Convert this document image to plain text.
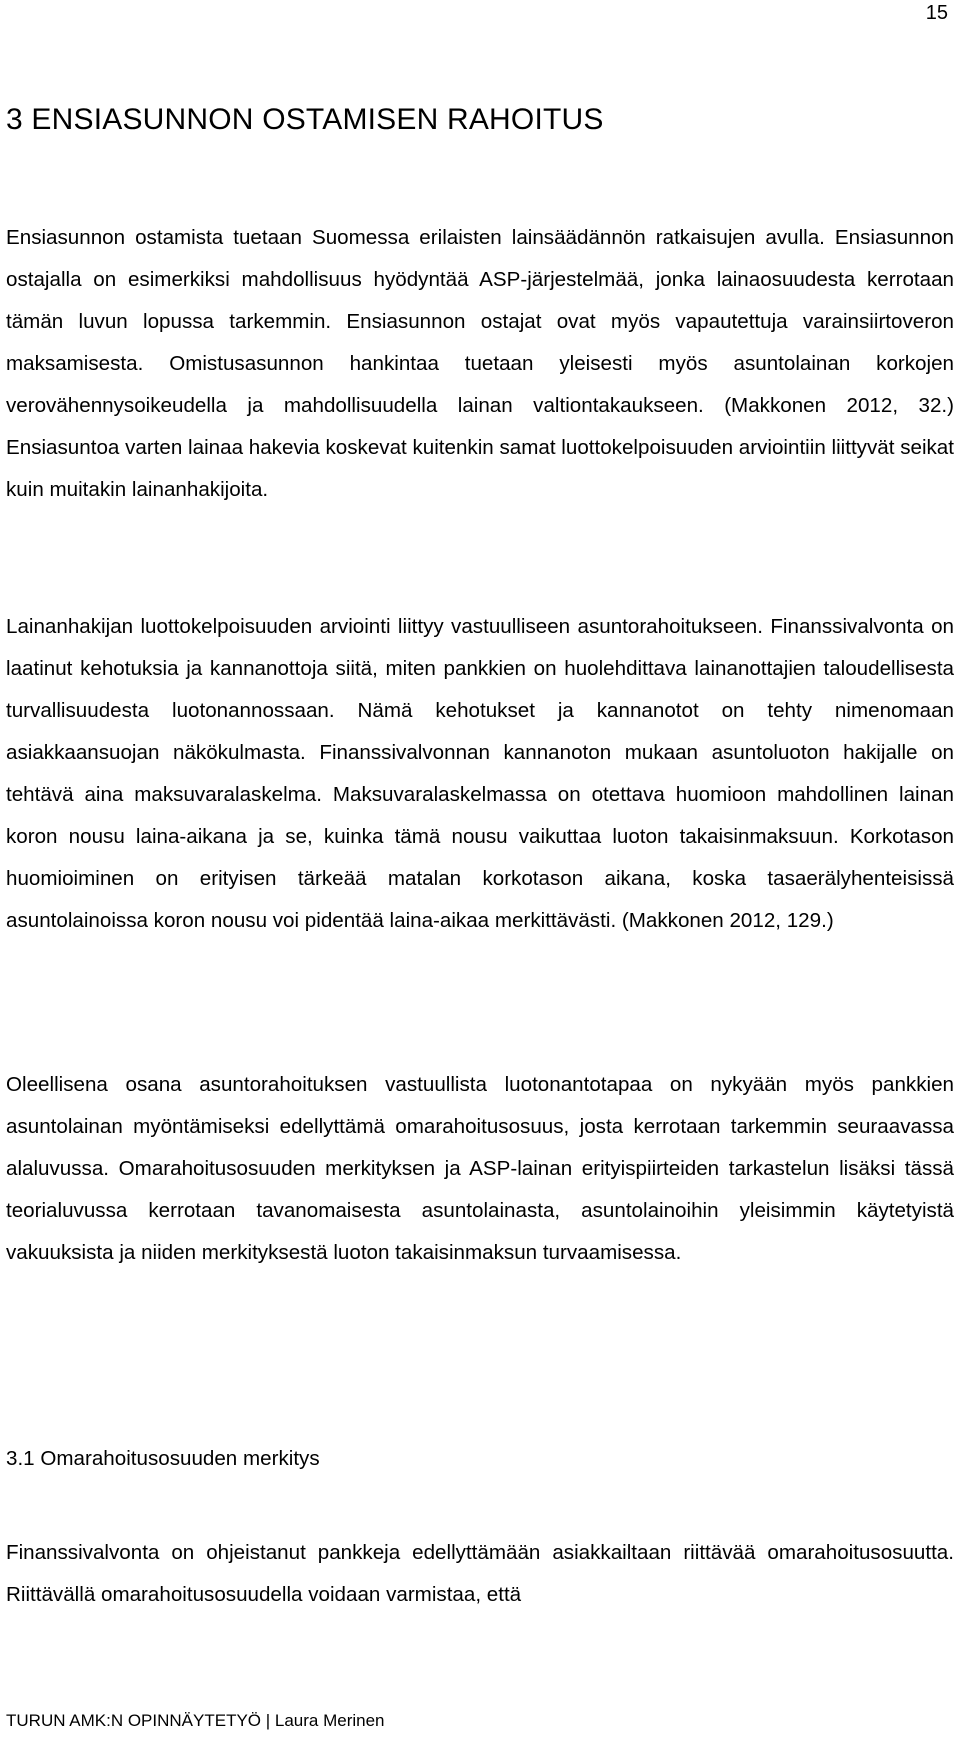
15
3 ENSIASUNNON OSTAMISEN RAHOITUS

Ensiasunnon ostamista tuetaan Suomessa erilaisten lainsäädännön ratkaisujen avulla. Ensiasunnon ostajalla on esimerkiksi mahdollisuus hyödyntää ASP-järjestelmää, jonka lainaosuudesta kerrotaan tämän luvun lopussa tarkemmin. Ensiasunnon ostajat ovat myös vapautettuja varainsiirtoveron maksamisesta. Omistusasunnon hankintaa tuetaan yleisesti myös asuntolainan korkojen verovähennysoikeudella ja mahdollisuudella lainan valtiontakaukseen. (Makkonen 2012, 32.) Ensiasuntoa varten lainaa hakevia koskevat kuitenkin samat luottokelpoisuuden arviointiin liittyvät seikat kuin muitakin lainanhakijoita.

Lainanhakijan luottokelpoisuuden arviointi liittyy vastuulliseen asuntorahoitukseen. Finanssivalvonta on laatinut kehotuksia ja kannanottoja siitä, miten pankkien on huolehdittava lainanottajien taloudellisesta turvallisuudesta luotonannossaan. Nämä kehotukset ja kannanotot on tehty nimenomaan asiakkaansuojan näkökulmasta. Finanssivalvonnan kannanoton mukaan asuntoluoton hakijalle on tehtävä aina maksuvaralaskelma. Maksuvaralaskelmassa on otettava huomioon mahdollinen lainan koron nousu laina-aikana ja se, kuinka tämä nousu vaikuttaa luoton takaisinmaksuun. Korkotason huomioiminen on erityisen tärkeää matalan korkotason aikana, koska tasaerälyhenteisissä asuntolainoissa koron nousu voi pidentää laina-aikaa merkittävästi. (Makkonen 2012, 129.)

Oleellisena osana asuntorahoituksen vastuullista luotonantotapaa on nykyään myös pankkien asuntolainan myöntämiseksi edellyttämä omarahoitusosuus, josta kerrotaan tarkemmin seuraavassa alaluvussa. Omarahoitusosuuden merkityksen ja ASP-lainan erityispiirteiden tarkastelun lisäksi tässä teorialuvussa kerrotaan tavanomaisesta asuntolainasta, asuntolainoihin yleisimmin käytetyistä vakuuksista ja niiden merkityksestä luoton takaisinmaksun turvaamisessa.

3.1 Omarahoitusosuuden merkitys

Finanssivalvonta on ohjeistanut pankkeja edellyttämään asiakkailtaan riittävää omarahoitusosuutta. Riittävällä omarahoitusosuudella voidaan varmistaa, että

TURUN AMK:N OPINNÄYTETYÖ | Laura Merinen
